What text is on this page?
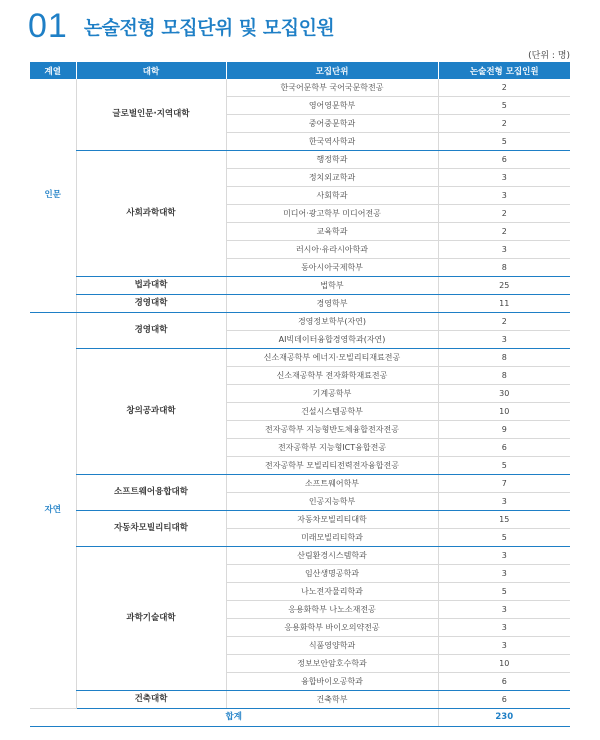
01 논술전형 모집단위 및 모집인원
(단위 : 명)
계열	대학	모집단위	논술전형 모집인원
인문	글로벌인문·지역대학	한국어문학부 국어국문학전공	2
		영어영문학부	5
		중어중문학과	2
		한국역사학과	5
	사회과학대학	행정학과	6
		정치외교학과	3
		사회학과	3
		미디어·광고학부 미디어전공	2
		교육학과	2
		러시아·유라시아학과	3
		동아시아국제학부	8
	법과대학	법학부	25
	경영대학	경영학부	11
자연	경영대학	경영정보학부(자연)	2
		AI빅데이터융합경영학과(자연)	3
	창의공과대학	신소재공학부 에너지·모빌리티재료전공	8
		신소재공학부 전자화학재료전공	8
		기계공학부	30
		건설시스템공학부	10
		전자공학부 지능형반도체융합전자전공	9
		전자공학부 지능형ICT융합전공	6
		전자공학부 모빌리티전력전자융합전공	5
	소프트웨어융합대학	소프트웨어학부	7
		인공지능학부	3
	자동차모빌리티대학	자동차모빌리티대학	15
		미래모빌리티학과	5
	과학기술대학	산림환경시스템학과	3
		임산생명공학과	3
		나노전자물리학과	5
		응용화학부 나노소재전공	3
		응용화학부 바이오의약전공	3
		식품영양학과	3
		정보보안암호수학과	10
		융합바이오공학과	6
	건축대학	건축학부	6
합계			230
